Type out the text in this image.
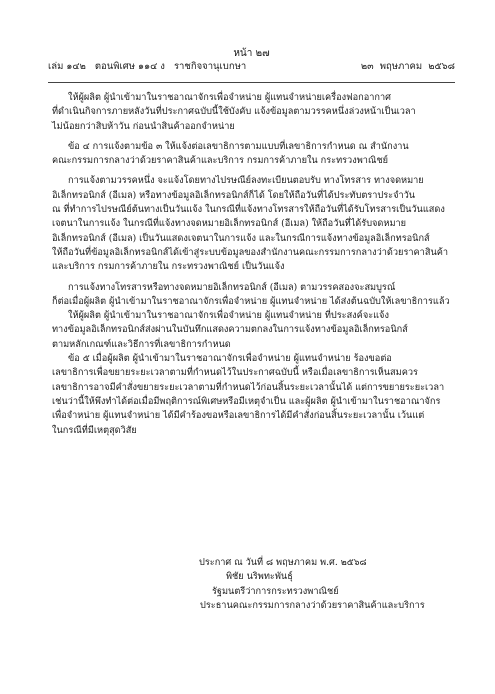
หน้า ๒๗
เล่ม ๑๔๒ ตอนพิเศษ ๑๑๔ ง ราชกิจจานุเบกษา	๒๓ พฤษภาคม ๒๕๖๘
ให้ผู้ผลิต ผู้นำเข้ามาในราชอาณาจักรเพื่อจำหน่าย ผู้แทนจำหน่ายเครื่องฟอกอากาศ
ที่ดำเนินกิจการภายหลังวันที่ประกาศฉบับนี้ใช้บังคับ แจ้งข้อมูลตามวรรคหนึ่งล่วงหน้าเป็นเวลา
ไม่น้อยกว่าสิบห้าวัน ก่อนนำสินค้าออกจำหน่าย
ข้อ ๔ การแจ้งตามข้อ ๓ ให้แจ้งต่อเลขาธิการตามแบบที่เลขาธิการกำหนด ณ สำนักงาน
คณะกรรมการกลางว่าด้วยราคาสินค้าและบริการ กรมการค้าภายใน กระทรวงพาณิชย์
การแจ้งตามวรรคหนึ่ง จะแจ้งโดยทางไปรษณีย์ลงทะเบียนตอบรับ ทางโทรสาร ทางจดหมาย
อิเล็กทรอนิกส์ (อีเมล) หรือทางข้อมูลอิเล็กทรอนิกส์ก็ได้ โดยให้ถือวันที่ได้ประทับตราประจำวัน
ณ ที่ทำการไปรษณีย์ต้นทางเป็นวันแจ้ง ในกรณีที่แจ้งทางโทรสารให้ถือวันที่ได้รับโทรสารเป็นวันแสดง
เจตนาในการแจ้ง ในกรณีที่แจ้งทางจดหมายอิเล็กทรอนิกส์ (อีเมล) ให้ถือวันที่ได้รับจดหมาย
อิเล็กทรอนิกส์ (อีเมล) เป็นวันแสดงเจตนาในการแจ้ง และในกรณีการแจ้งทางข้อมูลอิเล็กทรอนิกส์
ให้ถือวันที่ข้อมูลอิเล็กทรอนิกส์ได้เข้าสู่ระบบข้อมูลของสำนักงานคณะกรรมการกลางว่าด้วยราคาสินค้า
และบริการ กรมการค้าภายใน กระทรวงพาณิชย์ เป็นวันแจ้ง
การแจ้งทางโทรสารหรือทางจดหมายอิเล็กทรอนิกส์ (อีเมล) ตามวรรคสองจะสมบูรณ์
ก็ต่อเมื่อผู้ผลิต ผู้นำเข้ามาในราชอาณาจักรเพื่อจำหน่าย ผู้แทนจำหน่าย ได้ส่งต้นฉบับให้เลขาธิการแล้ว
ให้ผู้ผลิต ผู้นำเข้ามาในราชอาณาจักรเพื่อจำหน่าย ผู้แทนจำหน่าย ที่ประสงค์จะแจ้ง
ทางข้อมูลอิเล็กทรอนิกส์ส่งผ่านในบันทึกแสดงความตกลงในการแจ้งทางข้อมูลอิเล็กทรอนิกส์
ตามหลักเกณฑ์และวิธีการที่เลขาธิการกำหนด
ข้อ ๕ เมื่อผู้ผลิต ผู้นำเข้ามาในราชอาณาจักรเพื่อจำหน่าย ผู้แทนจำหน่าย ร้องขอต่อ
เลขาธิการเพื่อขยายระยะเวลาตามที่กำหนดไว้ในประกาศฉบับนี้ หรือเมื่อเลขาธิการเห็นสมควร
เลขาธิการอาจมีคำสั่งขยายระยะเวลาตามที่กำหนดไว้ก่อนสิ้นระยะเวลานั้นได้ แต่การขยายระยะเวลา
เช่นว่านี้ให้พึงทำได้ต่อเมื่อมีพฤติการณ์พิเศษหรือมีเหตุจำเป็น และผู้ผลิต ผู้นำเข้ามาในราชอาณาจักร
เพื่อจำหน่าย ผู้แทนจำหน่าย ได้มีคำร้องขอหรือเลขาธิการได้มีคำสั่งก่อนสิ้นระยะเวลานั้น เว้นแต่
ในกรณีที่มีเหตุสุดวิสัย
ประกาศ ณ วันที่ ๘ พฤษภาคม พ.ศ. ๒๕๖๘
พิชัย นริพทะพันธุ์
รัฐมนตรีว่าการกระทรวงพาณิชย์
ประธานคณะกรรมการกลางว่าด้วยราคาสินค้าและบริการ
